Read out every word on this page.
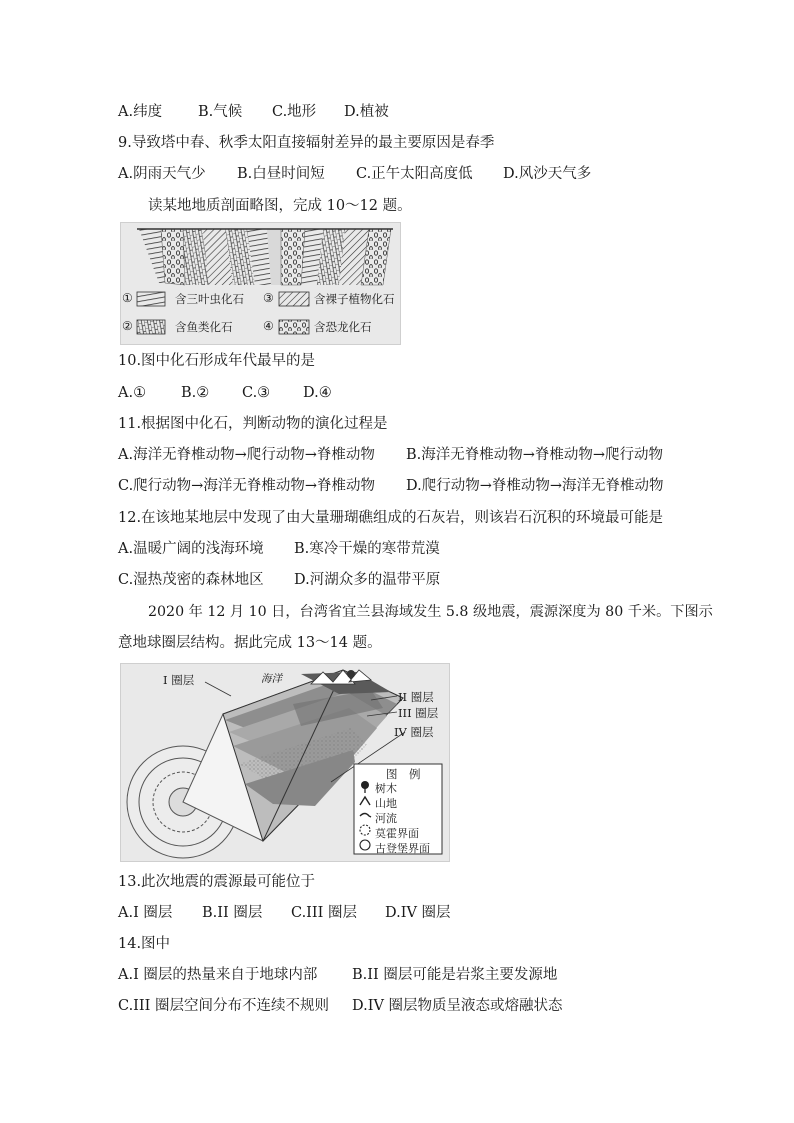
A.纬度 B.气候 C.地形 D.植被
9.导致塔中春、秋季太阳直接辐射差异的最主要原因是春季
A.阴雨天气少 B.白昼时间短 C.正午太阳高度低 D.风沙天气多
读某地地质剖面略图，完成 10～12 题。
①	含三叶虫化石
②	含鱼类化石
③	含裸子植物化石
④	含恐龙化石
10.图中化石形成年代最早的是
A.① B.② C.③ D.④
11.根据图中化石，判断动物的演化过程是
A.海洋无脊椎动物→爬行动物→脊椎动物 B.海洋无脊椎动物→脊椎动物→爬行动物
C.爬行动物→海洋无脊椎动物→脊椎动物 D.爬行动物→脊椎动物→海洋无脊椎动物
12.在该地某地层中发现了由大量珊瑚礁组成的石灰岩，则该岩石沉积的环境最可能是
A.温暖广阔的浅海环境 B.寒冷干燥的寒带荒漠
C.湿热茂密的森林地区 D.河湖众多的温带平原
2020 年 12 月 10 日，台湾省宜兰县海域发生 5.8 级地震，震源深度为 80 千米。下图示
意地球圈层结构。据此完成 13～14 题。
I 圈层	海洋
II 圈层
III 圈层
IV 圈层
图　例
树木
山地
河流
莫霍界面
古登堡界面
13.此次地震的震源最可能位于
A.I 圈层 B.II 圈层 C.III 圈层 D.IV 圈层
14.图中
A.I 圈层的热量来自于地球内部 B.II 圈层可能是岩浆主要发源地
C.III 圈层空间分布不连续不规则 D.IV 圈层物质呈液态或熔融状态
